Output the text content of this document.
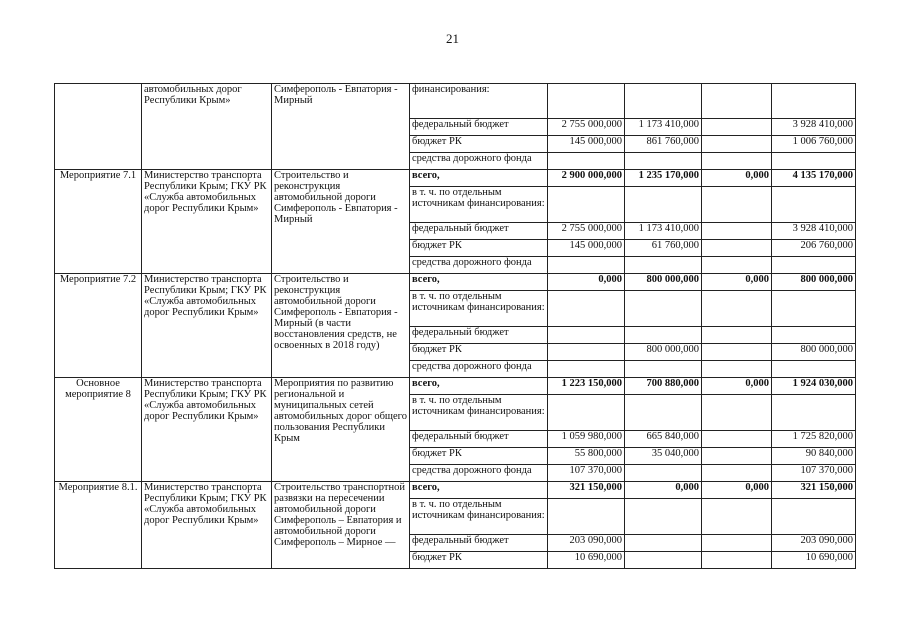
21
	автомобильных дорог Республики Крым»	Симферополь - Евпатория - Мирный	финансирования:				
			федеральный бюджет	2 755 000,000	1 173 410,000		3 928 410,000
			бюджет РК	145 000,000	861 760,000		1 006 760,000
			средства дорожного фонда				
Мероприятие 7.1	Министерство транспорта Республики Крым; ГКУ РК «Служба автомобильных дорог Республики Крым»	Строительство и реконструкция автомобильной дороги Симферополь - Евпатория - Мирный	всего,	2 900 000,000	1 235 170,000	0,000	4 135 170,000
			в т. ч. по отдельным источникам финансирования:				
			федеральный бюджет	2 755 000,000	1 173 410,000		3 928 410,000
			бюджет РК	145 000,000	61 760,000		206 760,000
			средства дорожного фонда				
Мероприятие 7.2	Министерство транспорта Республики Крым; ГКУ РК «Служба автомобильных дорог Республики Крым»	Строительство и реконструкция автомобильной дороги Симферополь - Евпатория - Мирный (в части восстановления средств, не освоенных в 2018 году)	всего,	0,000	800 000,000	0,000	800 000,000
			в т. ч. по отдельным источникам финансирования:				
			федеральный бюджет				
			бюджет РК		800 000,000		800 000,000
			средства дорожного фонда				
Основное мероприятие 8	Министерство транспорта Республики Крым; ГКУ РК «Служба автомобильных дорог Республики Крым»	Мероприятия по развитию региональной и муниципальных сетей автомобильных дорог общего пользования Республики Крым	всего,	1 223 150,000	700 880,000	0,000	1 924 030,000
			в т. ч. по отдельным источникам финансирования:				
			федеральный бюджет	1 059 980,000	665 840,000		1 725 820,000
			бюджет РК	55 800,000	35 040,000		90 840,000
			средства дорожного фонда	107 370,000			107 370,000
Мероприятие 8.1.	Министерство транспорта Республики Крым; ГКУ РК «Служба автомобильных дорог Республики Крым»	Строительство транспортной развязки на пересечении автомобильной дороги Симферополь – Евпатория и автомобильной дороги Симферополь – Мирное —	всего,	321 150,000	0,000	0,000	321 150,000
			в т. ч. по отдельным источникам финансирования:				
			федеральный бюджет	203 090,000			203 090,000
			бюджет РК	10 690,000			10 690,000
